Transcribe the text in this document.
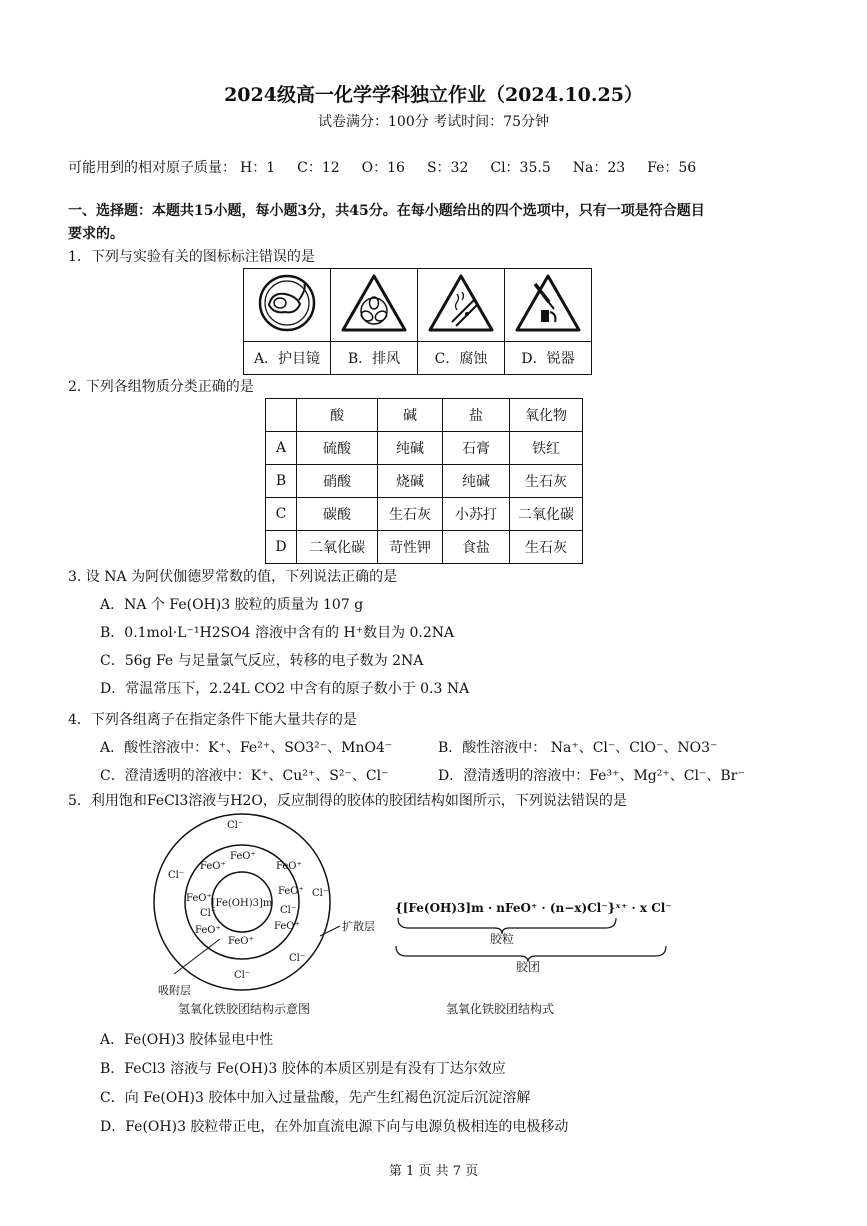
2024级高一化学学科独立作业（2024.10.25）
试卷满分：100分 考试时间：75分钟
可能用到的相对原子质量： H：1 C：12 O：16 S：32 Cl：35.5 Na：23 Fe：56
一、选择题：本题共15小题，每小题3分，共45分。在每小题给出的四个选项中，只有一项是符合题目
要求的。
1．下列与实验有关的图标标注错误的是

A．护目镜	B．排风	C．腐蚀	D．锐器
2. 下列各组物质分类正确的是
	酸	碱	盐	氧化物
A	硫酸	纯碱	石膏	铁红
B	硝酸	烧碱	纯碱	生石灰
C	碳酸	生石灰	小苏打	二氧化碳
D	二氧化碳	苛性钾	食盐	生石灰
3. 设 NA 为阿伏伽德罗常数的值，下列说法正确的是
A．NA 个 Fe(OH)3 胶粒的质量为 107 g
B．0.1mol·L⁻¹H2SO4 溶液中含有的 H⁺数目为 0.2NA
C．56g Fe 与足量氯气反应，转移的电子数为 2NA
D．常温常压下，2.24L CO2 中含有的原子数小于 0.3 NA
4．下列各组离子在指定条件下能大量共存的是
A．酸性溶液中：K⁺、Fe²⁺、SO3²⁻、MnO4⁻	B．酸性溶液中： Na⁺、Cl⁻、ClO⁻、NO3⁻
C．澄清透明的溶液中：K⁺、Cu²⁺、S²⁻、Cl⁻	D．澄清透明的溶液中：Fe³⁺、Mg²⁺、Cl⁻、Br⁻
5．利用饱和FeCl3溶液与H2O，反应制得的胶体的胶团结构如图所示，下列说法错误的是
[Fe(OH)3]m
FeO⁺
FeO⁺
FeO⁺
FeO⁺
FeO⁺
FeO⁺	FeO⁺
FeO⁺
Cl⁻	Cl⁻
Cl⁻
Cl⁻
Cl⁻
Cl⁻
Cl⁻
扩散层
吸附层
氢氧化铁胶团结构示意图
{[Fe(OH)3]m · nFeO⁺ · (n−x)Cl⁻}ˣ⁺ · x Cl⁻
胶粒
胶团
氢氧化铁胶团结构式
A．Fe(OH)3 胶体显电中性
B．FeCl3 溶液与 Fe(OH)3 胶体的本质区别是有没有丁达尔效应
C．向 Fe(OH)3 胶体中加入过量盐酸，先产生红褐色沉淀后沉淀溶解
D．Fe(OH)3 胶粒带正电，在外加直流电源下向与电源负极相连的电极移动
第 1 页 共 7 页
